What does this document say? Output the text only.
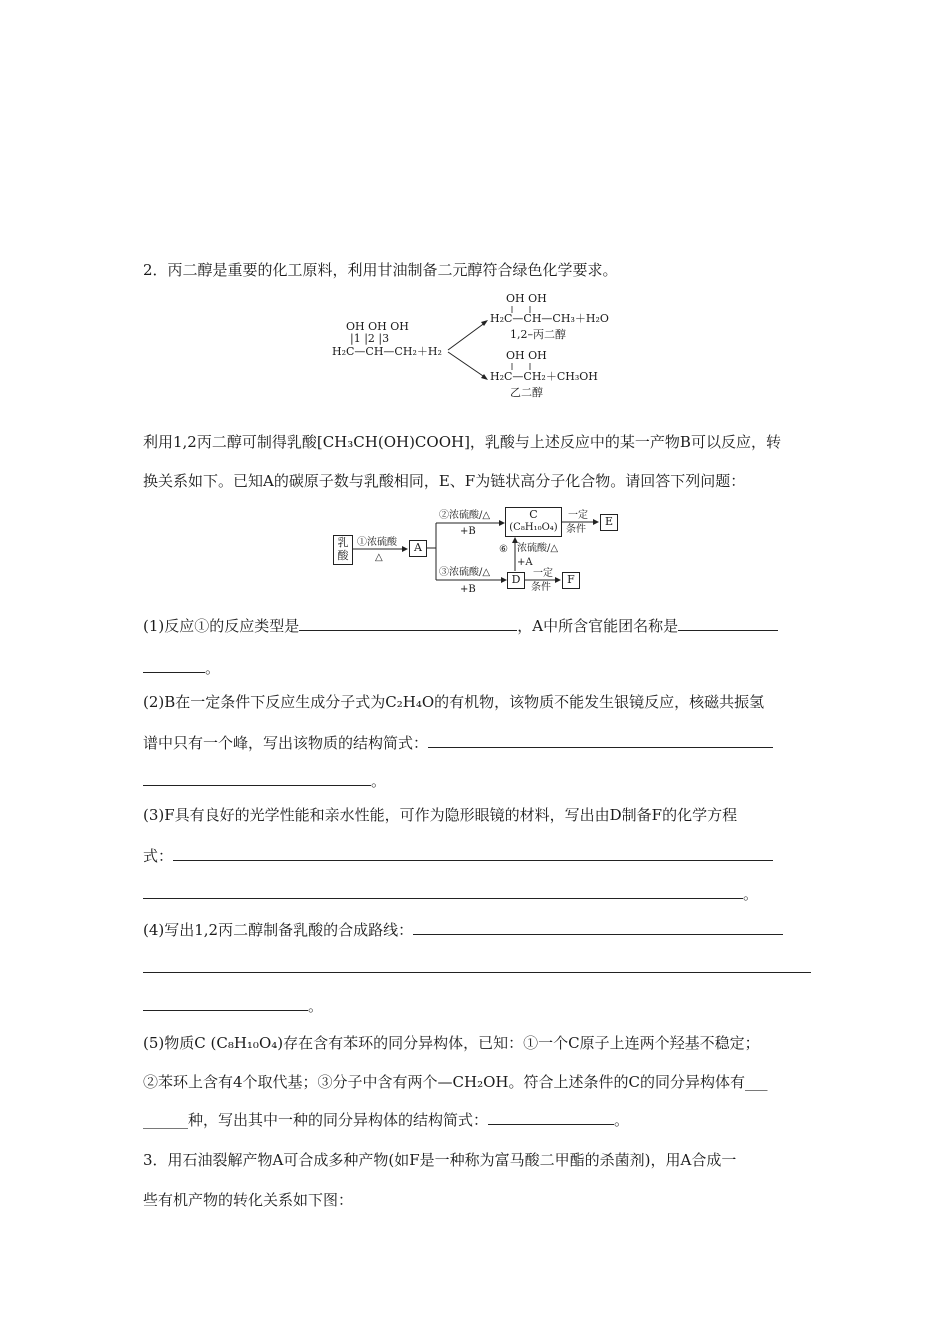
2．丙二醇是重要的化工原料，利用甘油制备二元醇符合绿色化学要求。
OH OH OH
|1 |2 |3
H₂C—CH—CH₂＋H₂
OH OH
H₂C—CH—CH₃＋H₂O
1,2–丙二醇
OH OH
H₂C—CH₂＋CH₃OH
乙二醇
利用1,2丙二醇可制得乳酸[CH₃CH(OH)COOH]，乳酸与上述反应中的某一产物B可以反应，转
换关系如下。已知A的碳原子数与乳酸相同，E、F为链状高分子化合物。请回答下列问题：
乳
酸
①浓硫酸
△
A
②浓硫酸/△
+B
③浓硫酸/△
+B
C
(C₈H₁₀O₄)
一定
条件
E
D	一定
条件
F
⑥ 浓硫酸/△
+A
(1)反应①的反应类型是	，A中所含官能团名称是
。
(2)B在一定条件下反应生成分子式为C₂H₄O的有机物，该物质不能发生银镜反应，核磁共振氢
谱中只有一个峰，写出该物质的结构简式：
。
(3)F具有良好的光学性能和亲水性能，可作为隐形眼镜的材料，写出由D制备F的化学方程
式：
。
(4)写出1,2丙二醇制备乳酸的合成路线：
。
(5)物质C (C₈H₁₀O₄)存在含有苯环的同分异构体，已知：①一个C原子上连两个羟基不稳定；
②苯环上含有4个取代基；③分子中含有两个—CH₂OH。符合上述条件的C的同分异构体有___
______种，写出其中一种的同分异构体的结构简式：	。
3．用石油裂解产物A可合成多种产物(如F是一种称为富马酸二甲酯的杀菌剂)，用A合成一
些有机产物的转化关系如下图：
